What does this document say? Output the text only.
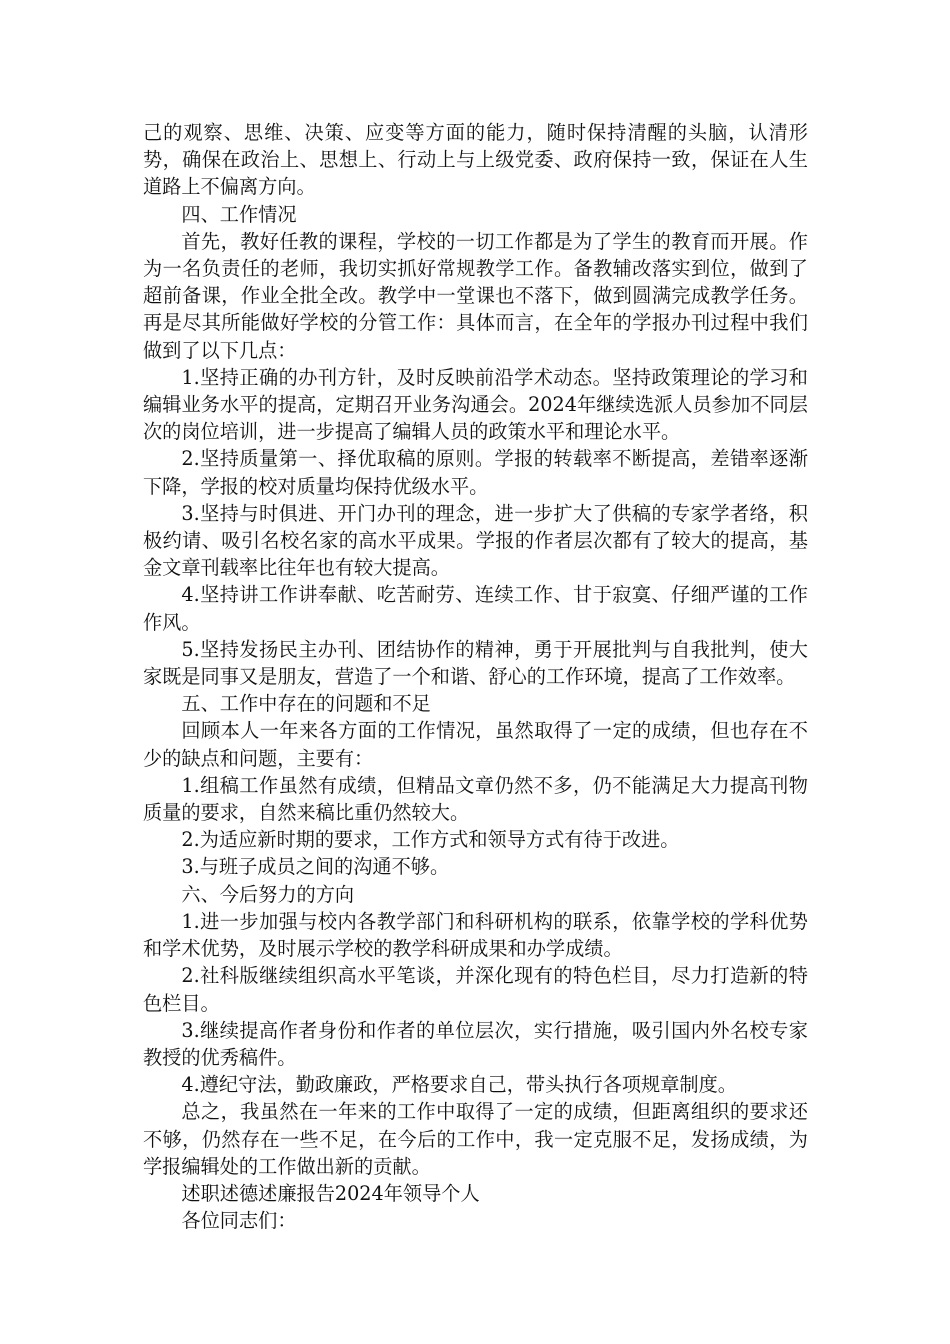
己的观察、思维、决策、应变等方面的能力，随时保持清醒的头脑，认清形势，确保在政治上、思想上、行动上与上级党委、政府保持一致，保证在人生道路上不偏离方向。

四、工作情况

首先，教好任教的课程，学校的一切工作都是为了学生的教育而开展。作为一名负责任的老师，我切实抓好常规教学工作。备教辅改落实到位，做到了超前备课，作业全批全改。教学中一堂课也不落下，做到圆满完成教学任务。再是尽其所能做好学校的分管工作：具体而言，在全年的学报办刊过程中我们做到了以下几点：

1.坚持正确的办刊方针，及时反映前沿学术动态。坚持政策理论的学习和编辑业务水平的提高，定期召开业务沟通会。2024年继续选派人员参加不同层次的岗位培训，进一步提高了编辑人员的政策水平和理论水平。

2.坚持质量第一、择优取稿的原则。学报的转载率不断提高，差错率逐渐下降，学报的校对质量均保持优级水平。

3.坚持与时俱进、开门办刊的理念，进一步扩大了供稿的专家学者络，积极约请、吸引名校名家的高水平成果。学报的作者层次都有了较大的提高，基金文章刊载率比往年也有较大提高。

4.坚持讲工作讲奉献、吃苦耐劳、连续工作、甘于寂寞、仔细严谨的工作作风。

5.坚持发扬民主办刊、团结协作的精神，勇于开展批判与自我批判，使大家既是同事又是朋友，营造了一个和谐、舒心的工作环境，提高了工作效率。

五、工作中存在的问题和不足

回顾本人一年来各方面的工作情况，虽然取得了一定的成绩，但也存在不少的缺点和问题，主要有：

1.组稿工作虽然有成绩，但精品文章仍然不多，仍不能满足大力提高刊物质量的要求，自然来稿比重仍然较大。

2.为适应新时期的要求，工作方式和领导方式有待于改进。

3.与班子成员之间的沟通不够。

六、今后努力的方向

1.进一步加强与校内各教学部门和科研机构的联系，依靠学校的学科优势和学术优势，及时展示学校的教学科研成果和办学成绩。

2.社科版继续组织高水平笔谈，并深化现有的特色栏目，尽力打造新的特色栏目。

3.继续提高作者身份和作者的单位层次，实行措施，吸引国内外名校专家教授的优秀稿件。

4.遵纪守法，勤政廉政，严格要求自己，带头执行各项规章制度。

总之，我虽然在一年来的工作中取得了一定的成绩，但距离组织的要求还不够，仍然存在一些不足，在今后的工作中，我一定克服不足，发扬成绩，为学报编辑处的工作做出新的贡献。

述职述德述廉报告2024年领导个人

各位同志们：
